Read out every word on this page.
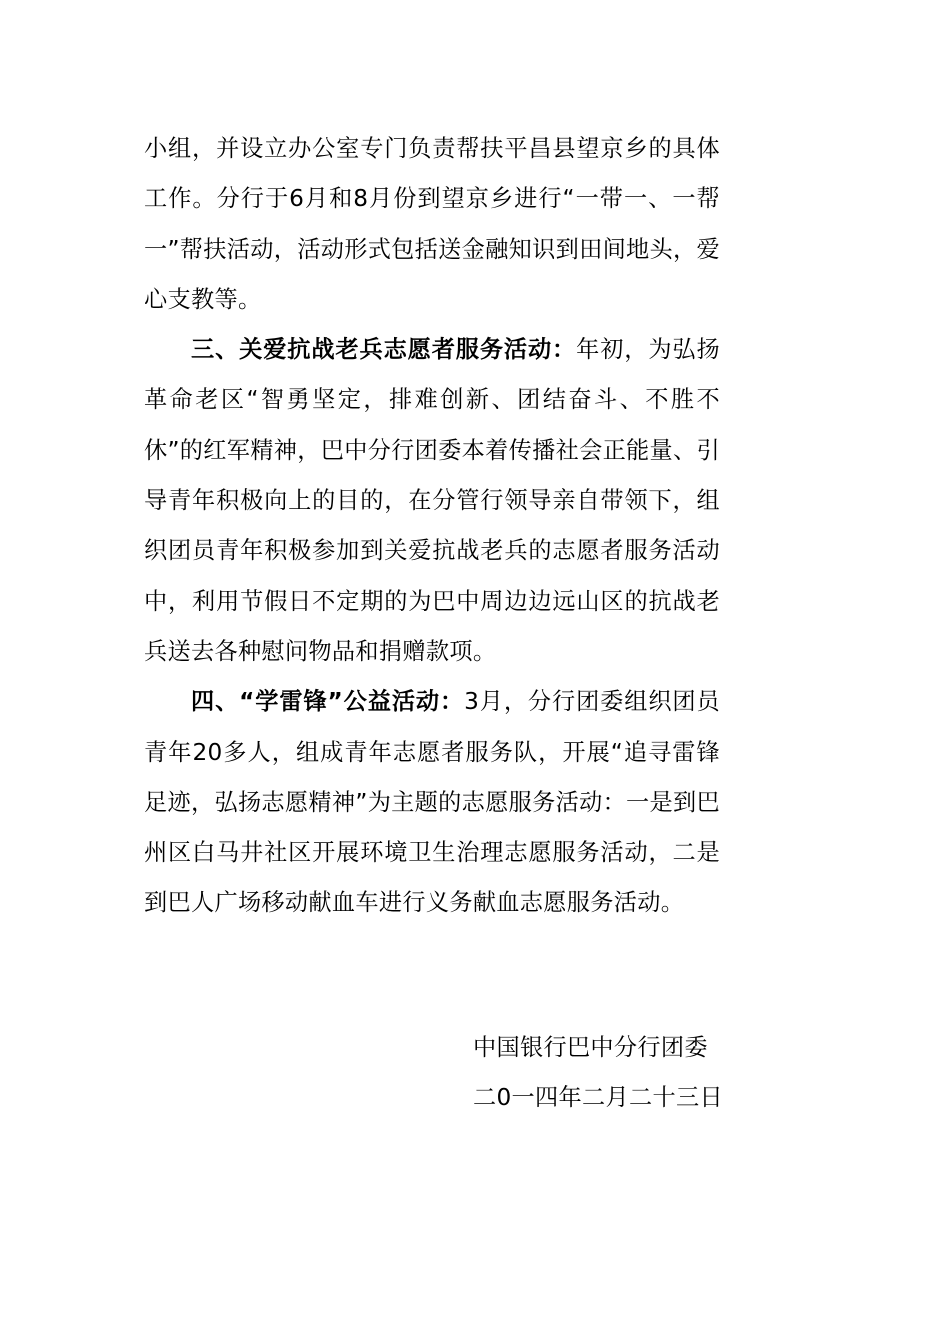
小组，并设立办公室专门负责帮扶平昌县望京乡的具体工作。分行于6月和8月份到望京乡进行“一带一、一帮一”帮扶活动，活动形式包括送金融知识到田间地头，爱心支教等。

三、关爱抗战老兵志愿者服务活动：年初，为弘扬革命老区“智勇坚定，排难创新、团结奋斗、不胜不休”的红军精神，巴中分行团委本着传播社会正能量、引导青年积极向上的目的，在分管行领导亲自带领下，组织团员青年积极参加到关爱抗战老兵的志愿者服务活动中，利用节假日不定期的为巴中周边边远山区的抗战老兵送去各种慰问物品和捐赠款项。

四、“学雷锋”公益活动：3月，分行团委组织团员青年20多人，组成青年志愿者服务队，开展“追寻雷锋足迹，弘扬志愿精神”为主题的志愿服务活动：一是到巴州区白马井社区开展环境卫生治理志愿服务活动，二是到巴人广场移动献血车进行义务献血志愿服务活动。

中国银行巴中分行团委
二0一四年二月二十三日
